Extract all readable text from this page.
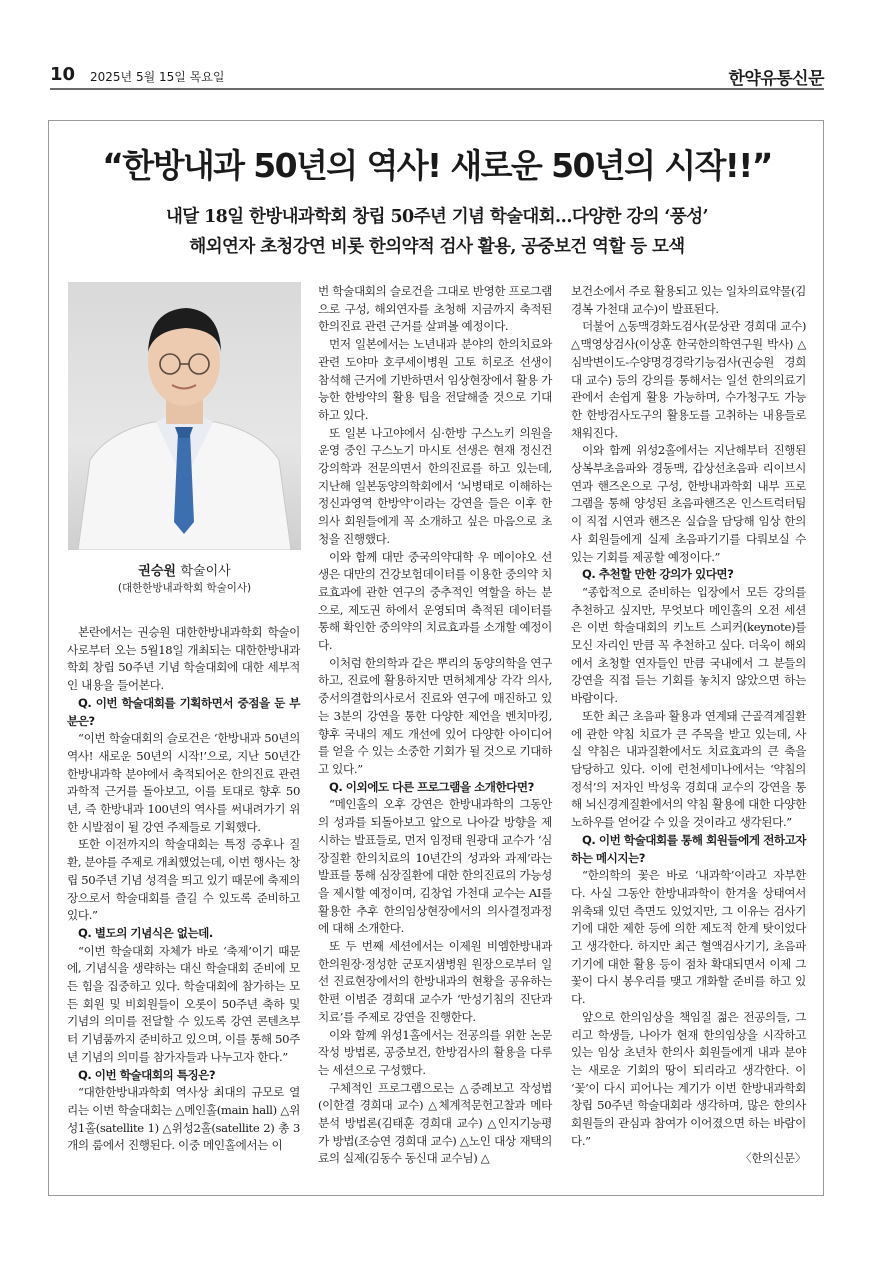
10 2025년 5월 15일 목요일	한약유통신문
“한방내과 50년의 역사! 새로운 50년의 시작!!”
내달 18일 한방내과학회 창립 50주년 기념 학술대회…다양한 강의 ‘풍성’
해외연자 초청강연 비롯 한의약적 검사 활용, 공중보건 역할 등 모색
권승원 학술이사
(대한한방내과학회 학술이사)

본란에서는 권승원 대한한방내과학회 학술이사로부터 오는 5월18일 개최되는 대한한방내과학회 창립 50주년 기념 학술대회에 대한 세부적인 내용을 들어본다.

Q. 이번 학술대회를 기획하면서 중점을 둔 부분은?

“이번 학술대회의 슬로건은 ‘한방내과 50년의 역사! 새로운 50년의 시작!’으로, 지난 50년간 한방내과학 분야에서 축적되어온 한의진료 관련 과학적 근거를 돌아보고, 이를 토대로 향후 50년, 즉 한방내과 100년의 역사를 써내려가기 위한 시발점이 될 강연 주제들로 기획했다.

또한 이전까지의 학술대회는 특정 증후나 질환, 분야를 주제로 개최했었는데, 이번 행사는 창립 50주년 기념 성격을 띄고 있기 때문에 축제의 장으로서 학술대회를 즐길 수 있도록 준비하고 있다.”

Q. 별도의 기념식은 없는데.

“이번 학술대회 자체가 바로 ‘축제’이기 때문에, 기념식을 생략하는 대신 학술대회 준비에 모든 힘을 집중하고 있다. 학술대회에 참가하는 모든 회원 및 비회원들이 오롯이 50주년 축하 및 기념의 의미를 전달할 수 있도록 강연 콘텐츠부터 기념품까지 준비하고 있으며, 이를 통해 50주년 기념의 의미를 참가자들과 나누고자 한다.”

Q. 이번 학술대회의 특징은?

“대한한방내과학회 역사상 최대의 규모로 열리는 이번 학술대회는 △메인홀(main hall) △위성1홀(satellite 1) △위성2홀(satellite 2) 총 3개의 룸에서 진행된다. 이중 메인홀에서는 이

번 학술대회의 슬로건을 그대로 반영한 프로그램으로 구성, 해외연자를 초청해 지금까지 축적된 한의진료 관련 근거를 살펴볼 예정이다.

먼저 일본에서는 노년내과 분야의 한의치료와 관련 도야마 호쿠세이병원 고토 히로조 선생이 참석해 근거에 기반하면서 임상현장에서 활용 가능한 한방약의 활용 팁을 전달해줄 것으로 기대하고 있다.

또 일본 나고야에서 심·한방 구스노키 의원을 운영 중인 구스노기 마시토 선생은 현재 정신건강의학과 전문의면서 한의진료를 하고 있는데, 지난해 일본동양의학회에서 ‘뇌병태로 이해하는 정신과영역 한방약’이라는 강연을 들은 이후 한의사 회원들에게 꼭 소개하고 싶은 마음으로 초청을 진행했다.

이와 함께 대만 중국의약대학 우 메이야오 선생은 대만의 건강보험데이터를 이용한 중의약 치료효과에 관한 연구의 중추적인 역할을 하는 분으로, 제도권 하에서 운영되며 축적된 데이터를 통해 확인한 중의약의 치료효과를 소개할 예정이다.

이처럼 한의학과 같은 뿌리의 동양의학을 연구하고, 진료에 활용하지만 면허체계상 각각 의사, 중서의결합의사로서 진료와 연구에 매진하고 있는 3분의 강연을 통한 다양한 제언을 벤치마킹, 향후 국내의 제도 개선에 있어 다양한 아이디어를 얻을 수 있는 소중한 기회가 될 것으로 기대하고 있다.”

Q. 이외에도 다른 프로그램을 소개한다면?

“메인홀의 오후 강연은 한방내과학의 그동안의 성과를 되돌아보고 앞으로 나아갈 방향을 제시하는 발표들로, 먼저 임정태 원광대 교수가 ‘심장질환 한의치료의 10년간의 성과와 과제’라는 발표를 통해 심장질환에 대한 한의진료의 가능성을 제시할 예정이며, 김창업 가천대 교수는 AI를 활용한 추후 한의임상현장에서의 의사결정과정에 대해 소개한다.

또 두 번째 세션에서는 이제원 비엠한방내과 한의원장·정성한 군포지샘병원 원장으로부터 일선 진료현장에서의 한방내과의 현황을 공유하는 한편 이범준 경희대 교수가 ‘만성기침의 진단과 치료’를 주제로 강연을 진행한다.

이와 함께 위성1홀에서는 전공의를 위한 논문작성 방법론, 공중보건, 한방검사의 활용을 다루는 세션으로 구성했다.

구체적인 프로그램으로는 △증례보고 작성법(이한결 경희대 교수) △체계적문헌고찰과 메타분석 방법론(김태훈 경희대 교수) △인지기능평가 방법(조승연 경희대 교수) △노인 대상 재택의료의 실제(김동수 동신대 교수님) △

보건소에서 주로 활용되고 있는 일차의료약물(김경복 가천대 교수)이 발표된다.

더불어 △동맥경화도검사(문상관 경희대 교수) △맥영상검사(이상훈 한국한의학연구원 박사) △심박변이도-수양명경경락기능검사(권승원 경희대 교수) 등의 강의를 통해서는 일선 한의의료기관에서 손쉽게 활용 가능하며, 수가청구도 가능한 한방검사도구의 활용도를 고취하는 내용들로 채워진다.

이와 함께 위성2홀에서는 지난해부터 진행된 상복부초음파와 경동맥, 갑상선초음파 리이브시연과 핸즈온으로 구성, 한방내과학회 내부 프로그램을 통해 양성된 초음파핸즈온 인스트럭터팀이 직접 시연과 핸즈온 실습을 담당해 임상 한의사 회원들에게 실제 초음파기기를 다뤄보실 수 있는 기회를 제공할 예정이다.”

Q. 추천할 만한 강의가 있다면?

“종합적으로 준비하는 입장에서 모든 강의를 추천하고 싶지만, 무엇보다 메인홀의 오전 세션은 이번 학술대회의 키노트 스피커(keynote)를 모신 자리인 만큼 꼭 추천하고 싶다. 더욱이 해외에서 초청할 연자들인 만큼 국내에서 그 분들의 강연을 직접 듣는 기회를 놓치지 않았으면 하는 바람이다.

또한 최근 초음파 활용과 연계돼 근골격계질환에 관한 약침 치료가 큰 주목을 받고 있는데, 사실 약침은 내과질환에서도 치료효과의 큰 축을 담당하고 있다. 이에 런천세미나에서는 ‘약침의 정석’의 저자인 박성욱 경희대 교수의 강연을 통해 뇌신경계질환에서의 약침 활용에 대한 다양한 노하우를 얻어갈 수 있을 것이라고 생각된다.”

Q. 이번 학술대회를 통해 회원들에게 전하고자 하는 메시지는?

“한의학의 꽃은 바로 ‘내과학’이라고 자부한다. 사실 그동안 한방내과학이 한겨울 상태여서 위축돼 있던 측면도 있었지만, 그 이유는 검사기기에 대한 제한 등에 의한 제도적 한계 탓이었다고 생각한다. 하지만 최근 혈액검사기기, 초음파기기에 대한 활용 등이 점차 확대되면서 이제 그 꽃이 다시 봉우리를 맺고 개화할 준비를 하고 있다.

앞으로 한의임상을 책임질 젊은 전공의들, 그리고 학생들, 나아가 현재 한의임상을 시작하고 있는 임상 초년차 한의사 회원들에게 내과 분야는 새로운 기회의 땅이 되리라고 생각한다. 이 ‘꽃’이 다시 피어나는 계기가 이번 한방내과학회 창립 50주년 학술대회라 생각하며, 많은 한의사 회원들의 관심과 참여가 이어졌으면 하는 바람이다.”

〈한의신문〉
